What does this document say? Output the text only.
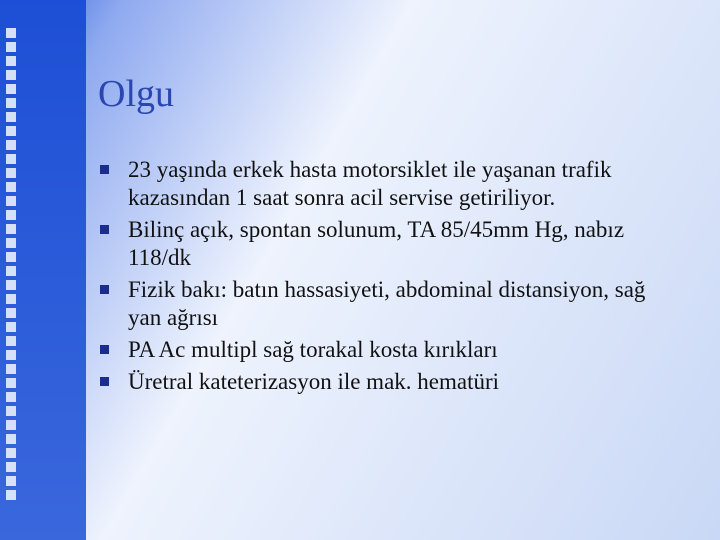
Olgu
23 yaşında erkek hasta motorsiklet ile yaşanan trafik kazasından 1 saat sonra acil servise getiriliyor.
Bilinç açık, spontan solunum, TA 85/45mm Hg, nabız 118/dk
Fizik bakı: batın hassasiyeti, abdominal distansiyon, sağ yan ağrısı
PA Ac multipl sağ torakal kosta kırıkları
Üretral kateterizasyon ile mak. hematüri
